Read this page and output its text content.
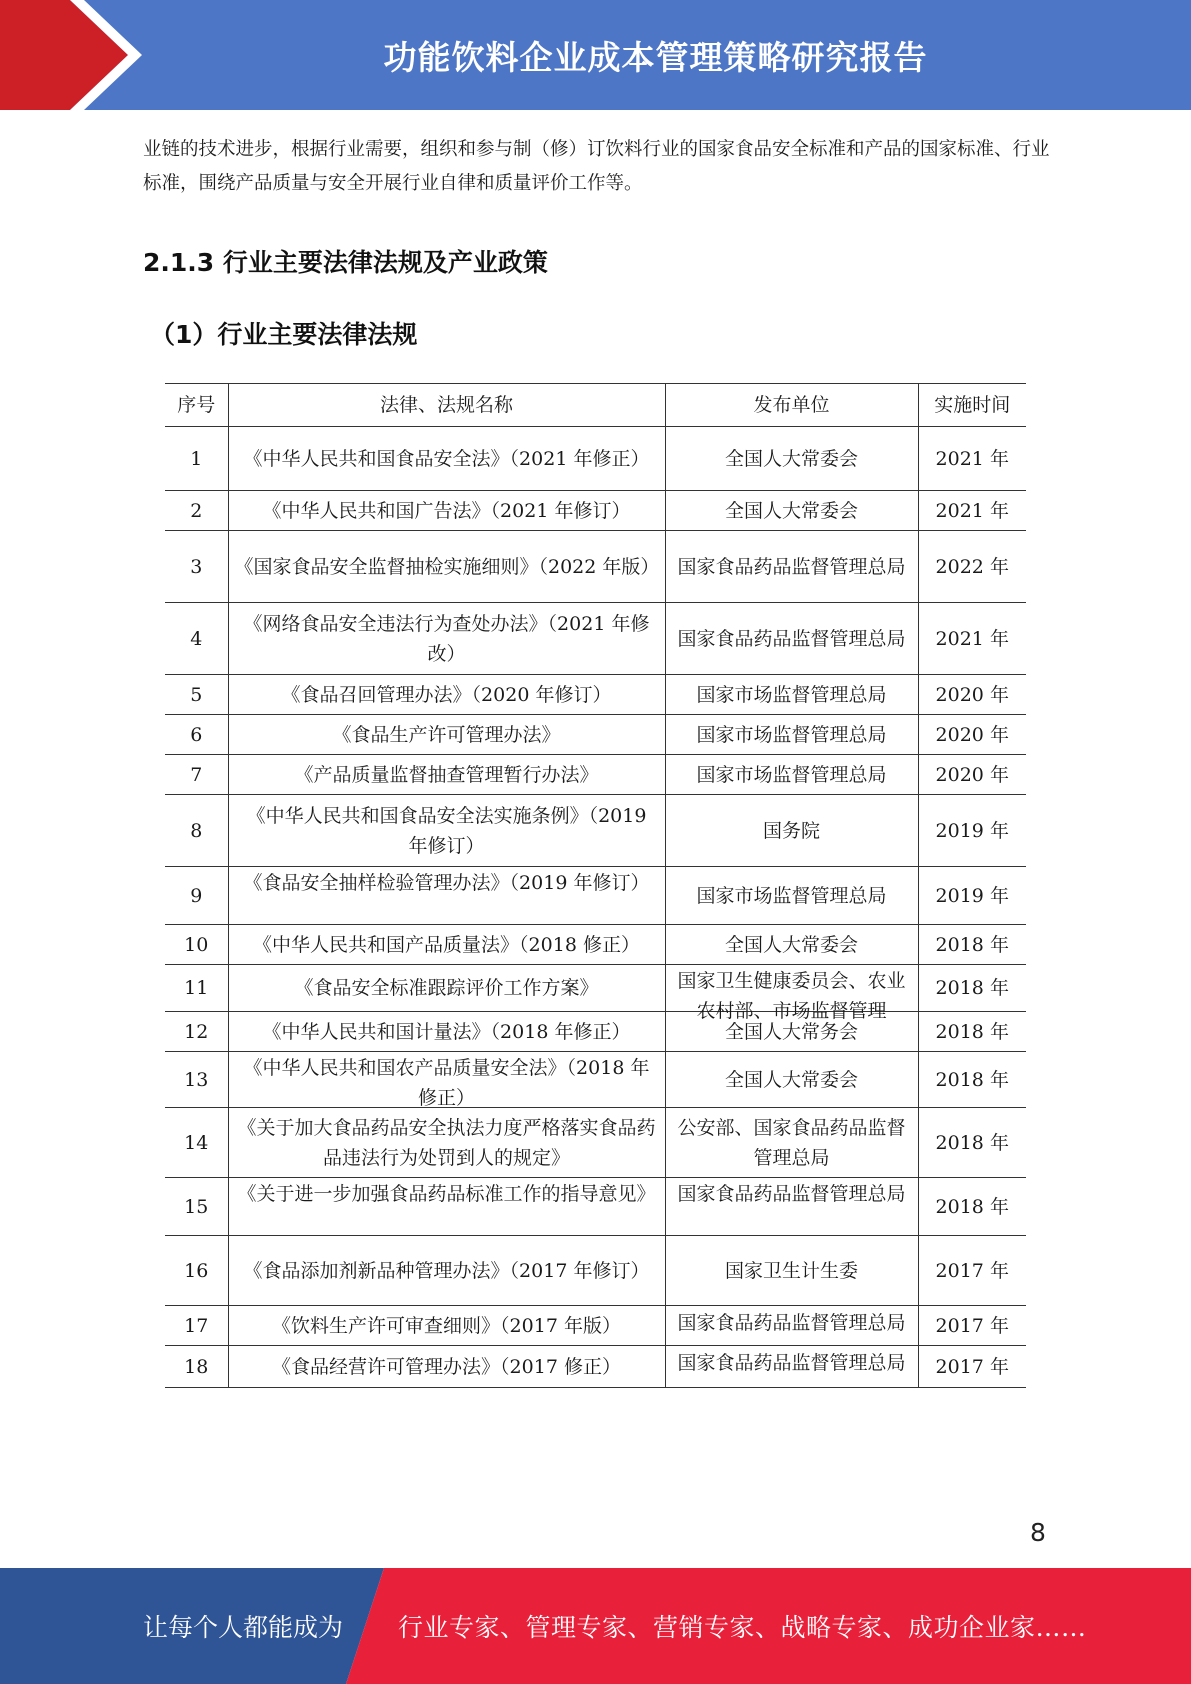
功能饮料企业成本管理策略研究报告

业链的技术进步，根据行业需要，组织和参与制（修）订饮料行业的国家食品安全标准和产品的国家标准、行业标准，围绕产品质量与安全开展行业自律和质量评价工作等。

2.1.3 行业主要法律法规及产业政策
（1）行业主要法律法规
序号	法律、法规名称	发布单位	实施时间
1	《中华人民共和国食品安全法》（2021 年修正）	全国人大常委会	2021 年
2	《中华人民共和国广告法》（2021 年修订）	全国人大常委会	2021 年
3	《国家食品安全监督抽检实施细则》（2022 年版）	国家食品药品监督管理总局	2022 年
4	《网络食品安全违法行为查处办法》（2021 年修改）	国家食品药品监督管理总局	2021 年
5	《食品召回管理办法》（2020 年修订）	国家市场监督管理总局	2020 年
6	《食品生产许可管理办法》	国家市场监督管理总局	2020 年
7	《产品质量监督抽查管理暂行办法》	国家市场监督管理总局	2020 年
8	《中华人民共和国食品安全法实施条例》（2019 年修订）	国务院	2019 年
9	《食品安全抽样检验管理办法》（2019 年修订）	国家市场监督管理总局	2019 年
10	《中华人民共和国产品质量法》（2018 修正）	全国人大常委会	2018 年
11	《食品安全标准跟踪评价工作方案》	国家卫生健康委员会、农业农村部、市场监督管理	2018 年
12	《中华人民共和国计量法》（2018 年修正）	全国人大常务会	2018 年
13	《中华人民共和国农产品质量安全法》（2018 年修正）	全国人大常委会	2018 年
14	《关于加大食品药品安全执法力度严格落实食品药品违法行为处罚到人的规定》	公安部、国家食品药品监督管理总局	2018 年
15	《关于进一步加强食品药品标准工作的指导意见》	国家食品药品监督管理总局	2018 年
16	《食品添加剂新品种管理办法》（2017 年修订）	国家卫生计生委	2017 年
17	《饮料生产许可审查细则》（2017 年版）	国家食品药品监督管理总局	2017 年
18	《食品经营许可管理办法》（2017 修正）	国家食品药品监督管理总局	2017 年
8
让每个人都能成为 行业专家、管理专家、营销专家、战略专家、成功企业家……
